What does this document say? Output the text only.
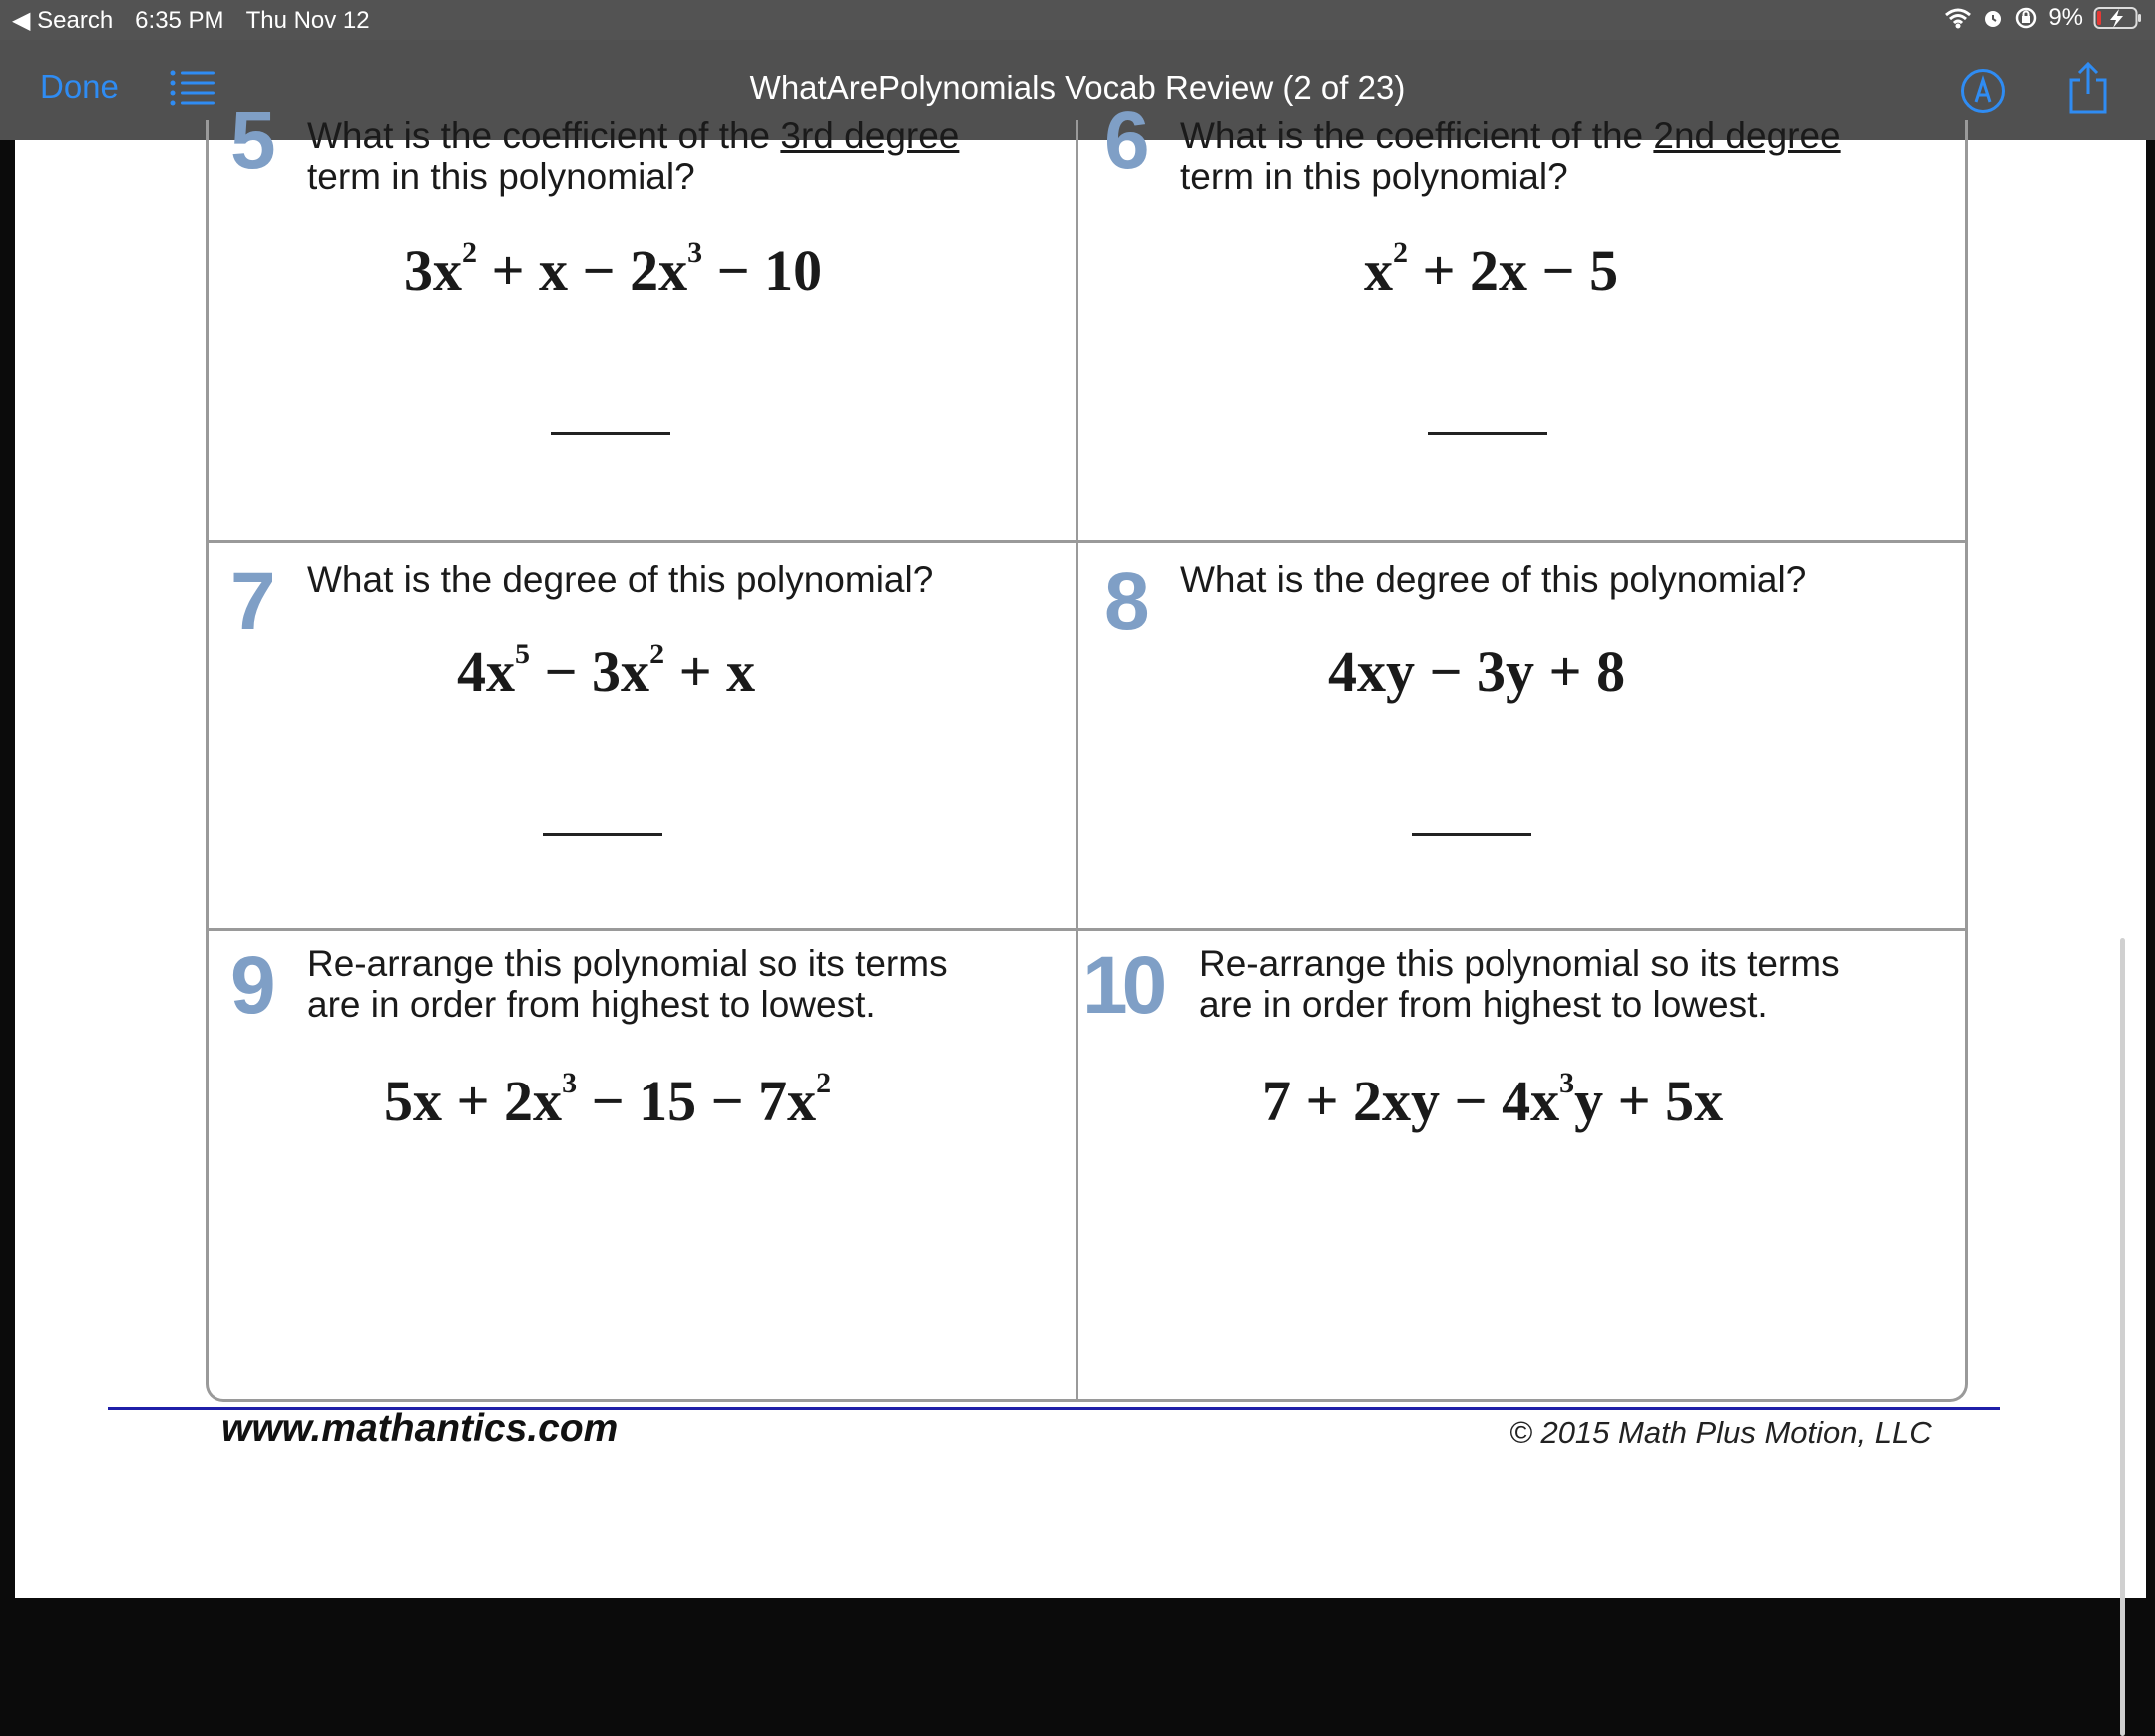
◀ Search 6:35 PM Thu Nov 12	9%
Done	WhatArePolynomials Vocab Review (2 of 23)
5 What is the coefficient of the 3rd degree
term in this polynomial?
$3x^2 + x - 2x^3 - 10$
6 What is the coefficient of the 2nd degree
term in this polynomial?
$x^2 + 2x - 5$
7 What is the degree of this polynomial?
$4x^5 - 3x^2 + x$
8 What is the degree of this polynomial?
4xy − 3y + 8
9 Re-arrange this polynomial so its terms
are in order from highest to lowest.
$5x + 2x^3 - 15 - 7x^2$
10 Re-arrange this polynomial so its terms
are in order from highest to lowest.
$7 + 2xy - 4x^3y + 5x$
www.mathantics.com	© 2015 Math Plus Motion, LLC
